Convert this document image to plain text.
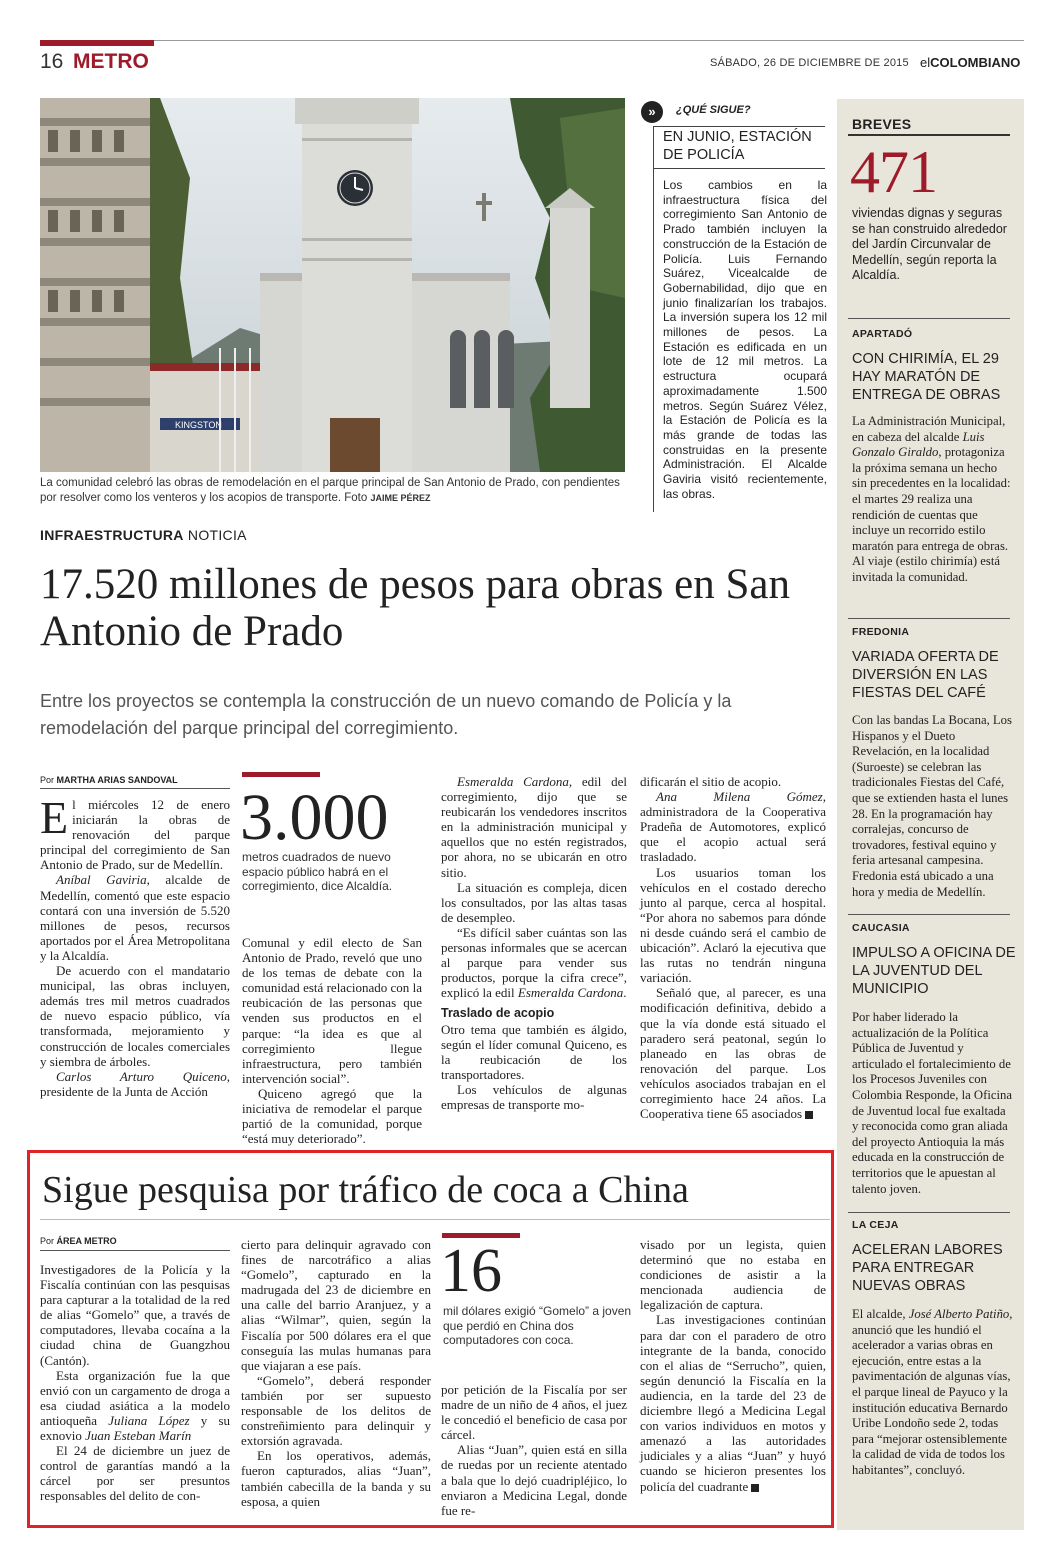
16 METRO	SÁBADO, 26 DE DICIEMBRE DE 2015 elCOLOMBIANO
KINGSTON
La comunidad celebró las obras de remodelación en el parque principal de San Antonio de Prado, con pendientes por resolver como los venteros y los acopios de transporte. Foto JAIME PÉREZ
»	¿QUÉ SIGUE?
EN JUNIO, ESTACIÓN DE POLICÍA
Los cambios en la infraestructura física del corregimiento San Antonio de Prado también incluyen la construcción de la Estación de Policía. Luis Fernando Suárez, Vicealcalde de Gobernabilidad, dijo que en junio finalizarían los trabajos. La inversión supera los 12 mil millones de pesos. La Estación es edificada en un lote de 12 mil metros. La estructura ocupará aproximadamente 1.500 metros. Según Suárez Vélez, la Estación de Policía es la más grande de todas las construidas en la presente Administración. El Alcalde Gaviria visitó recientemente, las obras.
BREVES
471
viviendas dignas y seguras se han construido alrededor del Jardín Circunvalar de Medellín, según reporta la Alcaldía.
APARTADÓ
CON CHIRIMÍA, EL 29 HAY MARATÓN DE ENTREGA DE OBRAS
La Administración Municipal, en cabeza del alcalde Luis Gonzalo Giraldo, protagoniza la próxima semana un hecho sin precedentes en la localidad: el martes 29 realiza una rendición de cuentas que incluye un recorrido estilo maratón para entrega de obras. Al viaje (estilo chirimía) está invitada la comunidad.
FREDONIA
VARIADA OFERTA DE DIVERSIÓN EN LAS FIESTAS DEL CAFÉ
Con las bandas La Bocana, Los Hispanos y el Dueto Revelación, en la localidad (Suroeste) se celebran las tradicionales Fiestas del Café, que se extienden hasta el lunes 28. En la programación hay corralejas, concurso de trovadores, festival equino y feria artesanal campesina. Fredonia está ubicado a una hora y media de Medellín.
CAUCASIA
IMPULSO A OFICINA DE LA JUVENTUD DEL MUNICIPIO
Por haber liderado la actualización de la Política Pública de Juventud y articulado el fortalecimiento de los Procesos Juveniles con Colombia Responde, la Oficina de Juventud local fue exaltada y reconocida como gran aliada del proyecto Antioquia la más educada en la construcción de territorios que le apuestan al talento joven.
LA CEJA
ACELERAN LABORES PARA ENTREGAR NUEVAS OBRAS
El alcalde, José Alberto Patiño, anunció que les hundió el acelerador a varias obras en ejecución, entre estas a la pavimentación de algunas vías, el parque lineal de Payuco y la institución educativa Bernardo Uribe Londoño sede 2, todas para “mejorar ostensiblemente la calidad de vida de todos los habitantes”, concluyó.
INFRAESTRUCTURA NOTICIA
17.520 millones de pesos para obras en San Antonio de Prado
Entre los proyectos se contempla la construcción de un nuevo comando de Policía y la remodelación del parque principal del corregimiento.
Por MARTHA ARIAS SANDOVAL

El miércoles 12 de enero iniciarán la obras de renovación del parque principal del corregimiento de San Antonio de Prado, sur de Medellín.

Aníbal Gaviria, alcalde de Medellín, comentó que este espacio contará con una inversión de 5.520 millones de pesos, recursos aportados por el Área Metropolitana y la Alcaldía.

De acuerdo con el mandatario municipal, las obras incluyen, además tres mil metros cuadrados de nuevo espacio público, vía transformada, mejoramiento y construcción de locales comerciales y siembra de árboles.

Carlos Arturo Quiceno, presidente de la Junta de Acción

3.000
metros cuadrados de nuevo espacio público habrá en el corregimiento, dice Alcaldía.

Comunal y edil electo de San Antonio de Prado, reveló que uno de los temas de debate con la comunidad está relacionado con la reubicación de las personas que venden sus productos en el parque: “la idea es que al corregimiento llegue infraestructura, pero también intervención social”.

Quiceno agregó que la iniciativa de remodelar el parque partió de la comunidad, porque “está muy deteriorado”.

Esmeralda Cardona, edil del corregimiento, dijo que se reubicarán los vendedores inscritos en la administración municipal y aquellos que no estén registrados, por ahora, no se ubicarán en otro sitio.

La situación es compleja, dicen los consultados, por las altas tasas de desempleo.

“Es difícil saber cuántas son las personas informales que se acercan al parque para vender sus productos, porque la cifra crece”, explicó la edil Esmeralda Cardona.

Traslado de acopio

Otro tema que también es álgido, según el líder comunal Quiceno, es la reubicación de los transportadores.

Los vehículos de algunas empresas de transporte mo-

dificarán el sitio de acopio.

Ana Milena Gómez, administradora de la Cooperativa Pradeña de Automotores, explicó que el acopio actual será trasladado.

Los usuarios toman los vehículos en el costado derecho junto al parque, cerca al hospital. “Por ahora no sabemos para dónde ni desde cuándo será el cambio de ubicación”. Aclaró la ejecutiva que las rutas no tendrán ninguna variación.

Señaló que, al parecer, es una modificación definitiva, debido a que la vía donde está situado el paradero será peatonal, según lo planeado en las obras de renovación del parque. Los vehículos asociados trabajan en el corregimiento hace 24 años. La Cooperativa tiene 65 asociados

Sigue pesquisa por tráfico de coca a China
Por ÁREA METRO

Investigadores de la Policía y la Fiscalía continúan con las pesquisas para capturar a la totalidad de la red de alias “Gomelo” que, a través de computadores, llevaba cocaína a la ciudad china de Guangzhou (Cantón).

Esta organización fue la que envió con un cargamento de droga a esa ciudad asiática a la modelo antioqueña Juliana López y su exnovio Juan Esteban Marín

El 24 de diciembre un juez de control de garantías mandó a la cárcel por ser presuntos responsables del delito de con-

cierto para delinquir agravado con fines de narcotráfico a alias “Gomelo”, capturado en la madrugada del 23 de diciembre en una calle del barrio Aranjuez, y a alias “Wilmar”, quien, según la Fiscalía por 500 dólares era el que conseguía las mulas humanas para que viajaran a ese país.

“Gomelo”, deberá responder también por ser supuesto responsable de los delitos de constreñimiento para delinquir y extorsión agravada.

En los operativos, además, fueron capturados, alias “Juan”, también cabecilla de la banda y su esposa, a quien

16
mil dólares exigió “Gomelo” a joven que perdió en China dos computadores con coca.

por petición de la Fiscalía por ser madre de un niño de 4 años, el juez le concedió el beneficio de casa por cárcel.

Alias “Juan”, quien está en silla de ruedas por un reciente atentado a bala que lo dejó cuadripléjico, lo enviaron a Medicina Legal, donde fue re-

visado por un legista, quien determinó que no estaba en condiciones de asistir a la mencionada audiencia de legalización de captura.

Las investigaciones continúan para dar con el paradero de otro integrante de la banda, conocido con el alias de “Serrucho”, quien, según denunció la Fiscalía en la audiencia, en la tarde del 23 de diciembre llegó a Medicina Legal con varios individuos en motos y amenazó a las autoridades judiciales y a alias “Juan” y huyó cuando se hicieron presentes los policía del cuadrante
